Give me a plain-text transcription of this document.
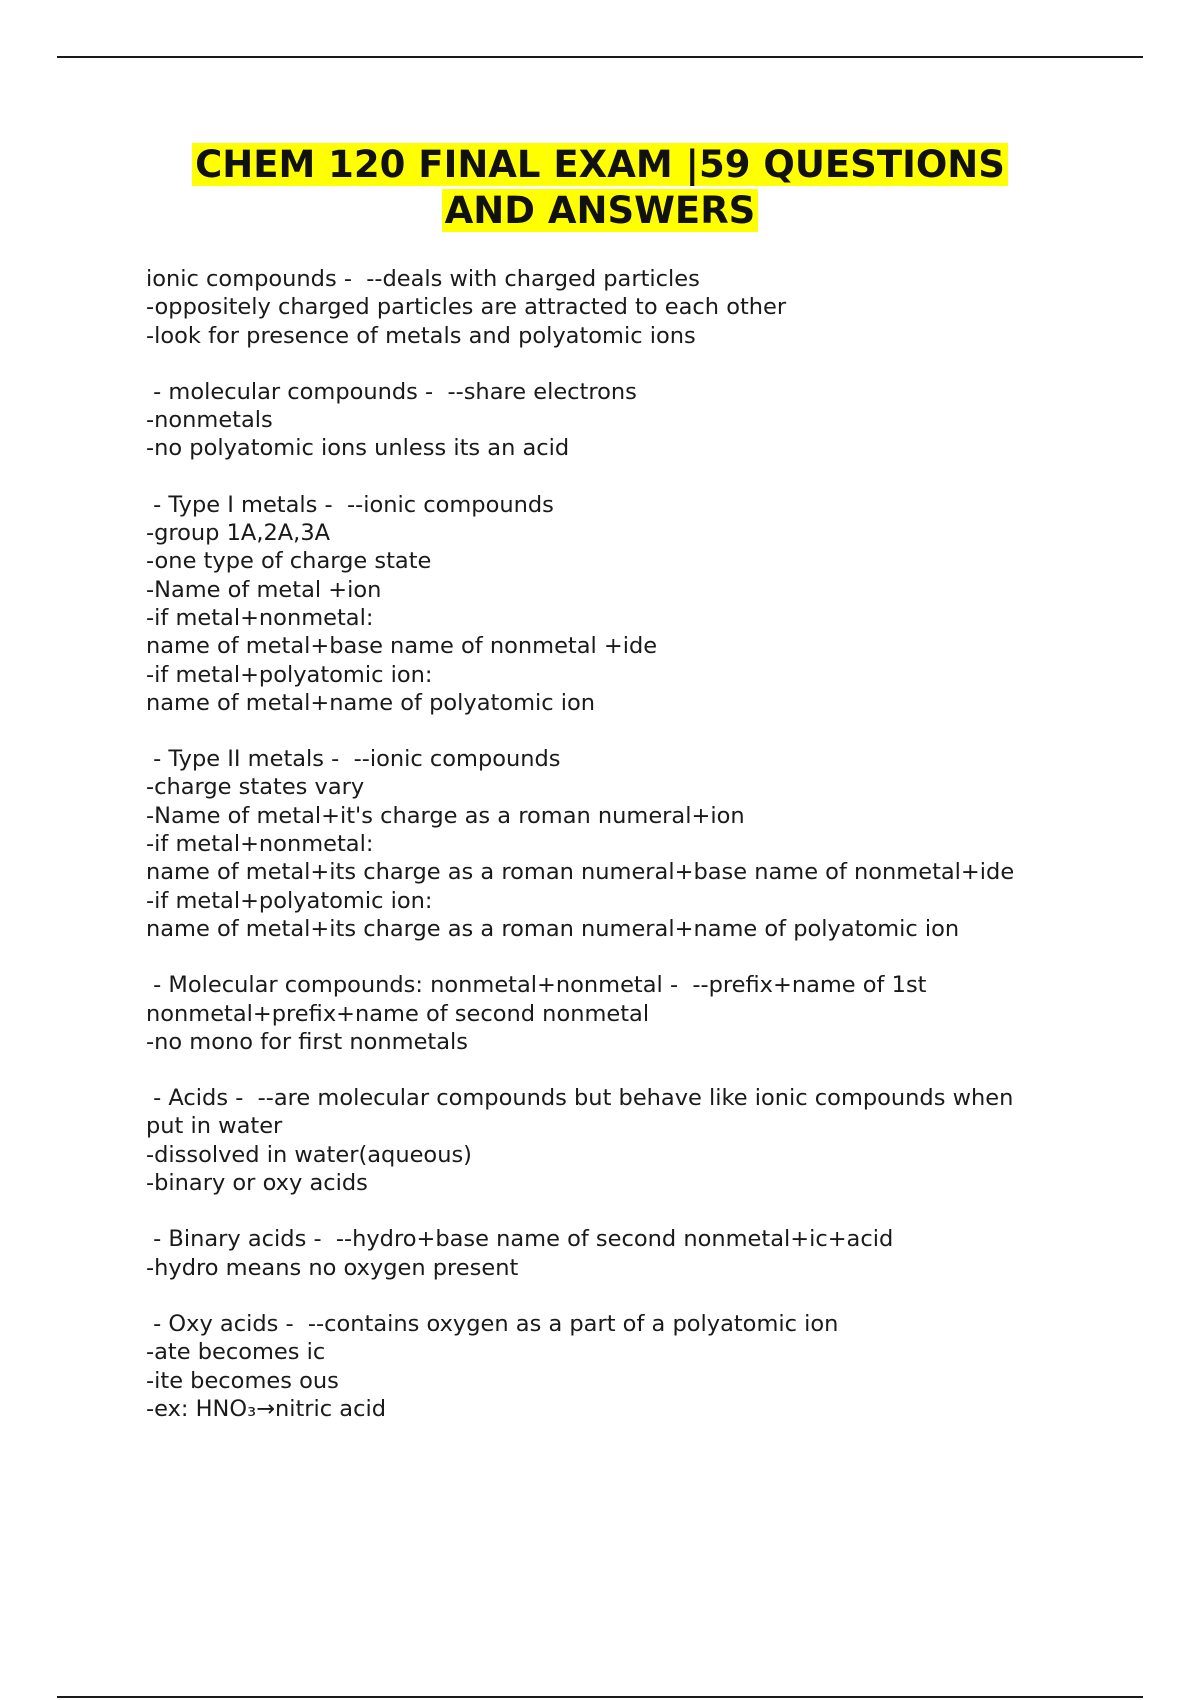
CHEM 120 FINAL EXAM |59 QUESTIONS
AND ANSWERS
ionic compounds -  --deals with charged particles
-oppositely charged particles are attracted to each other
-look for presence of metals and polyatomic ions
- molecular compounds -  --share electrons
-nonmetals
-no polyatomic ions unless its an acid
- Type I metals -  --ionic compounds
-group 1A,2A,3A
-one type of charge state
-Name of metal +ion
-if metal+nonmetal:
name of metal+base name of nonmetal +ide
-if metal+polyatomic ion:
name of metal+name of polyatomic ion
- Type II metals -  --ionic compounds
-charge states vary
-Name of metal+it's charge as a roman numeral+ion
-if metal+nonmetal:
name of metal+its charge as a roman numeral+base name of nonmetal+ide
-if metal+polyatomic ion:
name of metal+its charge as a roman numeral+name of polyatomic ion
- Molecular compounds: nonmetal+nonmetal -  --prefix+name of 1st
nonmetal+prefix+name of second nonmetal
-no mono for first nonmetals
- Acids -  --are molecular compounds but behave like ionic compounds when
put in water
-dissolved in water(aqueous)
-binary or oxy acids
- Binary acids -  --hydro+base name of second nonmetal+ic+acid
-hydro means no oxygen present
- Oxy acids -  --contains oxygen as a part of a polyatomic ion
-ate becomes ic
-ite becomes ous
-ex: HNO₃→nitric acid
